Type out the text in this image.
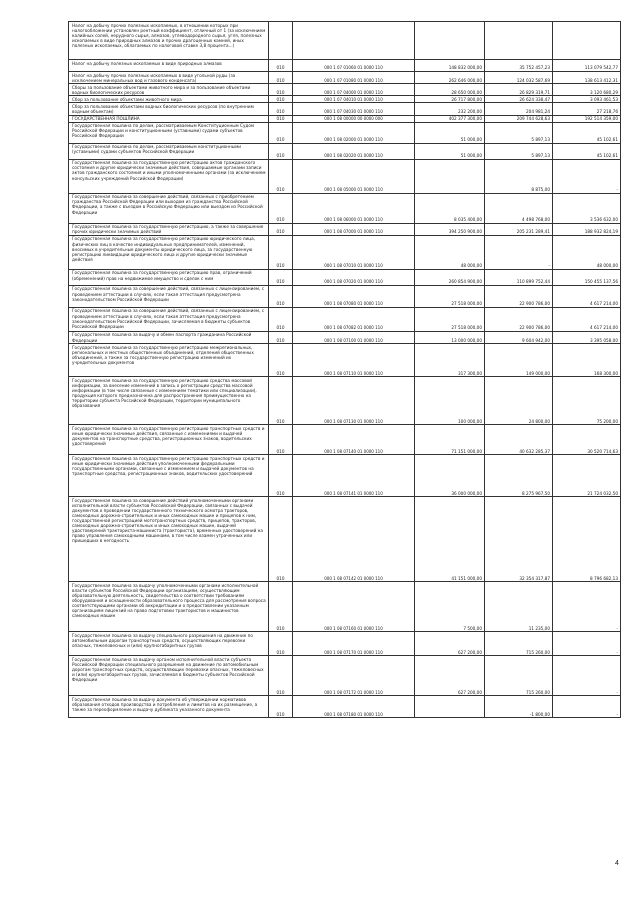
Налог на добычу прочих полезных ископаемых, в отношении которых при налогообложении установлен рентный коэффициент, отличный от 1 (за исключением калийных солей, нерудного сырья, алмазов, углеводородного сырья, угля, полезных ископаемых в виде природных алмазов и прочих драгоценных камней, иных полезных ископаемых, облагаемых по налоговой ставке 3,8 процента...)					
Налог на добычу полезных ископаемых в виде природных алмазов	010	000 1 07 01060 01 0000 110	148 832 000,00	35 752 457,23	113 079 542,77
Налог на добычу прочих полезных ископаемых в виде угольной руды (за исключением минеральных вод и газового конденсата)	010	000 1 07 01080 01 0000 110	262 646 000,00	124 032 587,69	138 613 412,31
Сборы за пользование объектами животного мира и за пользование объектами водных биологических ресурсов	010	000 1 07 04000 01 0000 110	28 650 000,00	26 829 319,71	3 120 680,29
Сбор за пользование объектами животного мира	010	000 1 07 04010 01 0000 110	26 717 800,00	26 624 338,47	3 093 461,53
Сбор за пользование объектами водных биологических ресурсов (по внутренним водным объектам)	010	000 1 07 04030 01 0000 110	232 200,00	204 981,24	27 218,76
ГОСУДАРСТВЕННАЯ ПОШЛИНА	010	000 1 08 00000 00 0000 000	402 377 300,00	209 744 628,63	192 514 359,00
Государственная пошлина по делам, рассматриваемым Конституционным Судом Российской Федерации и конституционными (уставными) судами субъектов Российской Федерации	010	000 1 08 02000 01 0000 110	51 000,00	5 897,13	45 102,61
Государственная пошлина по делам, рассматриваемым конституционными (уставными) судами субъектов Российской Федерации	010	000 1 08 02020 01 0000 110	51 000,00	5 897,13	45 102,61
Государственная пошлина за государственную регистрацию актов гражданского состояния и другие юридически значимые действия, совершаемые органами записи актов гражданского состояния и иными уполномоченными органами (за исключением консульских учреждений Российской Федерации)	010	000 1 08 05000 01 0000 110		8 875,00	-
Государственная пошлина за совершение действий, связанных с приобретением гражданства Российской Федерации или выходом из гражданства Российской Федерации, а также с въездом в Российскую Федерацию или выездом из Российской Федерации	010	000 1 08 06000 01 0000 110	8 035 400,00	4 498 768,00	3 536 632,00
Государственная пошлина за государственную регистрацию, а также за совершение прочих юридически значимых действий	010	000 1 08 07000 01 0000 110	394 250 900,00	205 231 289,41	188 932 824,19
Государственная пошлина за государственную регистрацию юридического лица, физических лиц в качестве индивидуальных предпринимателей, изменений, вносимых в учредительные документы юридического лица, за государственную регистрацию ликвидации юридического лица и другие юридически значимые действия	010	000 1 08 07010 01 0000 110	48 000,00	-	48 000,00
Государственная пошлина за государственную регистрацию прав, ограничений (обременений) прав на недвижимое имущество и сделок с ним	010	000 1 08 07020 01 0000 110	260 854 900,00	110 899 752,44	150 455 137,56
Государственная пошлина за совершение действий, связанных с лицензированием, с проведением аттестации в случаях, если такая аттестация предусмотрена законодательством Российской Федерации	010	000 1 08 07080 01 0000 110	27 518 000,00	22 900 786,00	4 617 214,00
Государственная пошлина за совершение действий, связанных с лицензированием, с проведением аттестации в случаях, если такая аттестация предусмотрена законодательством Российской Федерации, зачисляемая в бюджеты субъектов Российской Федерации	010	000 1 08 07082 01 0000 110	27 518 000,00	22 900 786,00	4 617 214,00
Государственная пошлина за выдачу и обмен паспорта гражданина Российской Федерации	010	000 1 08 07100 01 0000 110	13 000 000,00	9 604 942,00	3 395 058,00
Государственная пошлина за государственную регистрацию межрегиональных, региональных и местных общественных объединений, отделений общественных объединений, а также за государственную регистрацию изменений их учредительных документов	010	000 1 08 07110 01 0000 110	317 300,00	149 000,00	168 300,00
Государственная пошлина за государственную регистрацию средства массовой информации, за внесение изменений в запись о регистрации средства массовой информации (в том числе связанные с изменением тематики или специализации), продукция которого предназначена для распространения преимущественно на территории субъекта Российской Федерации, территории муниципального образования	010	000 1 08 07130 01 0000 110	100 000,00	24 800,00	75 200,00
Государственная пошлина за государственную регистрацию транспортных средств и иные юридически значимые действия, связанные с изменениями и выдачей документов на транспортные средства, регистрационных знаков, водительских удостоверений	010	000 1 08 07140 01 0000 110	71 151 000,00	40 632 285,37	30 520 714,63
Государственная пошлина за государственную регистрацию транспортных средств и иные юридически значимые действия уполномоченными федеральными государственными органами, связанные с изменением и выдачей документов на транспортные средства, регистрационных знаков, водительских удостоверений	010	000 1 08 07141 01 0000 110	36 000 000,00	8 275 967,50	21 724 032,50
Государственная пошлина за совершение действий уполномоченными органами исполнительной власти субъектов Российской Федерации, связанных с выдачей документов о проведении государственного технического осмотра тракторов, самоходных дорожно-строительных и иных самоходных машин и прицепов к ним, государственной регистрацией мототранспортных средств, прицепов, тракторов, самоходных дорожно-строительных и иных самоходных машин, выдачей удостоверений тракториста-машиниста (тракториста), временных удостоверений на право управления самоходными машинами, в том числе взамен утраченных или пришедших в негодность	010	000 1 08 07142 01 0000 110	41 151 000,00	32 354 317,87	8 796 682,13
Государственная пошлина за выдачу уполномоченными органами исполнительной власти субъектов Российской Федерации организациям, осуществляющим образовательную деятельность, свидетельства о соответствии требованиям оборудования и оснащенности образовательного процесса для рассмотрения вопроса соответствующими органами об аккредитации и о предоставлении указанным организациям лицензий на право подготовки трактористов и машинистов самоходных машин	010	000 1 08 07160 01 0000 110	7 500,00	11 235,00	-
Государственная пошлина за выдачу специального разрешения на движение по автомобильным дорогам транспортных средств, осуществляющих перевозки опасных, тяжеловесных и (или) крупногабаритных грузов	010	000 1 08 07170 01 0000 110	627 200,00	715 260,00	-
Государственная пошлина за выдачу органом исполнительной власти субъекта Российской Федерации специального разрешения на движение по автомобильным дорогам транспортных средств, осуществляющих перевозки опасных, тяжеловесных и (или) крупногабаритных грузов, зачисляемая в бюджеты субъектов Российской Федерации	010	000 1 08 07172 01 0000 110	627 200,00	715 260,00	-
Государственная пошлина за выдачу документа об утверждении нормативов образования отходов производства и потребления и лимитов на их размещение, а также за переоформление и выдачу дубликата указанного документа	010	000 1 08 07180 01 0000 110		-1 800,00	-
4
